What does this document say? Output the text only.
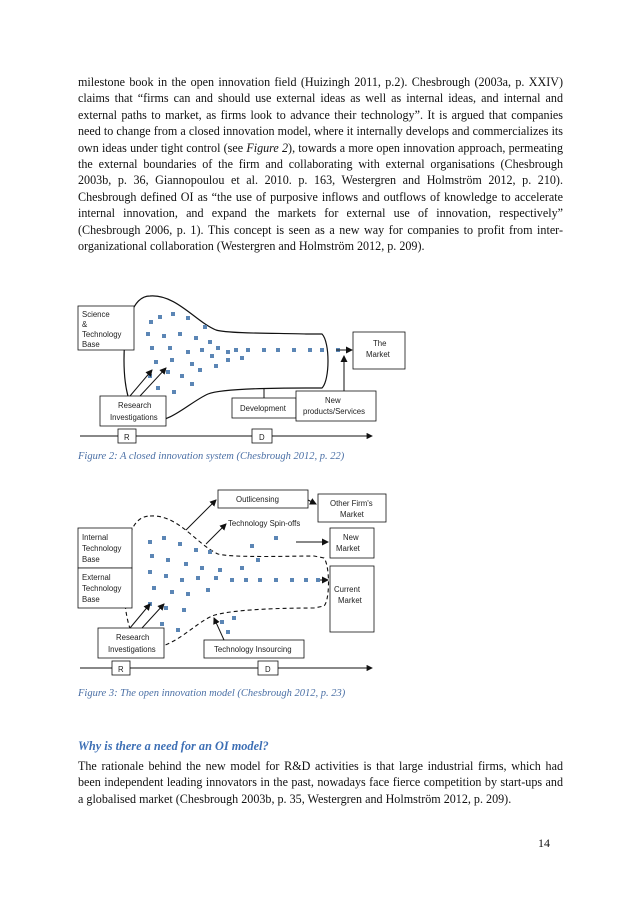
milestone book in the open innovation field (Huizingh 2011, p.2). Chesbrough (2003a, p. XXIV) claims that “firms can and should use external ideas as well as internal ideas, and internal and external paths to market, as firms look to advance their technology”. It is argued that companies need to change from a closed innovation model, where it internally develops and commercializes its own ideas under tight control (see Figure 2), towards a more open innovation approach, permeating the external boundaries of the firm and collaborating with external organisations (Chesbrough 2003b, p. 36, Giannopoulou et al. 2010. p. 163, Westergren and Holmström 2012, p. 210). Chesbrough defined OI as “the use of purposive inflows and outflows of knowledge to accelerate internal innovation, and expand the markets for external use of innovation, respectively” (Chesbrough 2006, p. 1). This concept is seen as a new way for companies to profit from inter-organizational collaboration (Westergren and Holmström 2012, p. 209).

Science
&
Technology
Base	The
Market
Research
Investigations
Development
New
products/Services
R	D

Figure 2: A closed innovation system (Chesbrough 2012, p. 22)

Outlicensing
Technology Spin-offs
Other Firm's
Market
New
Market
Current
Market
Internal
Technology
Base
External
Technology
Base
Research
Investigations	Technology Insourcing
R	D

Figure 3: The open innovation model (Chesbrough 2012, p. 23)

Why is there a need for an OI model?

The rationale behind the new model for R&D activities is that large industrial firms, which had been independent leading innovators in the past, nowadays face fierce competition by start-ups and a globalised market (Chesbrough 2003b, p. 35, Westergren and Holmström 2012, p. 209).

14
